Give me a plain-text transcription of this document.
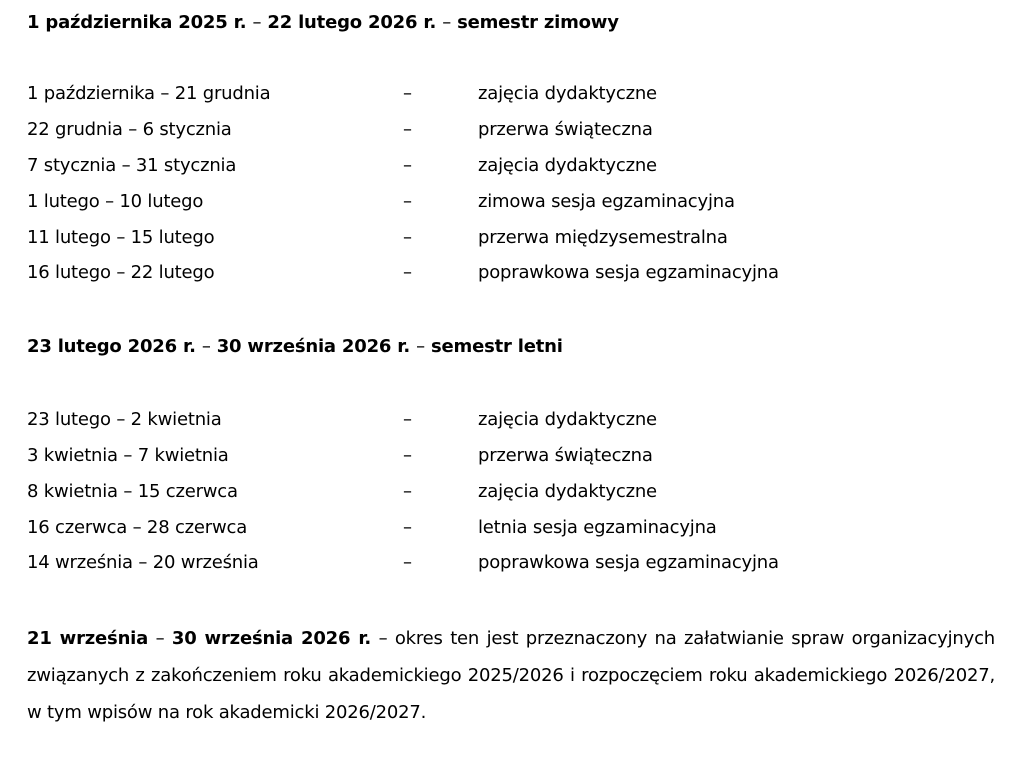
1 października 2025 r. – 22 lutego 2026 r. – semestr zimowy
1 października – 21 grudnia	–	zajęcia dydaktyczne
22 grudnia – 6 stycznia	–	przerwa świąteczna
7 stycznia – 31 stycznia	–	zajęcia dydaktyczne
1 lutego – 10 lutego	–	zimowa sesja egzaminacyjna
11 lutego – 15 lutego	–	przerwa międzysemestralna
16 lutego – 22 lutego	–	poprawkowa sesja egzaminacyjna
23 lutego 2026 r. – 30 września 2026 r. – semestr letni
23 lutego – 2 kwietnia	–	zajęcia dydaktyczne
3 kwietnia – 7 kwietnia	–	przerwa świąteczna
8 kwietnia – 15 czerwca	–	zajęcia dydaktyczne
16 czerwca – 28 czerwca	–	letnia sesja egzaminacyjna
14 września – 20 września	–	poprawkowa sesja egzaminacyjna
21 września – 30 września 2026 r. – okres ten jest przeznaczony na załatwianie spraw organizacyjnych związanych z zakończeniem roku akademickiego 2025/2026 i rozpoczęciem roku akademickiego 2026/2027, w tym wpisów na rok akademicki 2026/2027.
